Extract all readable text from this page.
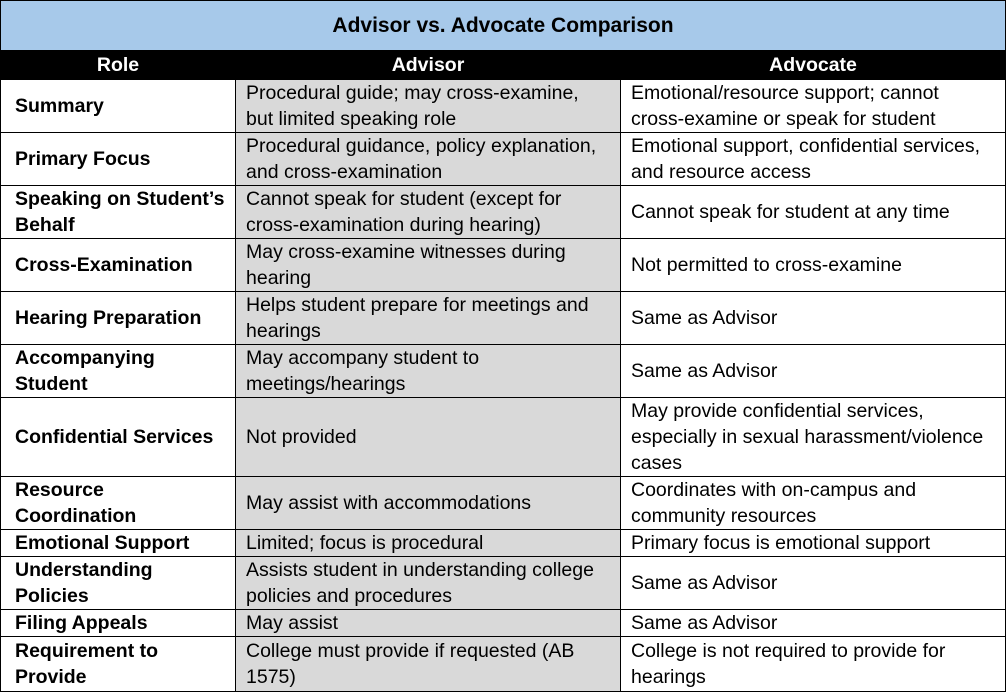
Advisor vs. Advocate Comparison		
Role	Advisor	Advocate
Summary	Procedural guide; may cross-examine, but limited speaking role	Emotional/resource support; cannot cross-examine or speak for student
Primary Focus	Procedural guidance, policy explanation, and cross-examination	Emotional support, confidential services, and resource access
Speaking on Student’s Behalf	Cannot speak for student (except for cross-examination during hearing)	Cannot speak for student at any time
Cross-Examination	May cross-examine witnesses during hearing	Not permitted to cross-examine
Hearing Preparation	Helps student prepare for meetings and hearings	Same as Advisor
Accompanying Student	May accompany student to meetings/hearings	Same as Advisor
Confidential Services	Not provided	May provide confidential services, especially in sexual harassment/violence cases
Resource Coordination	May assist with accommodations	Coordinates with on-campus and community resources
Emotional Support	Limited; focus is procedural	Primary focus is emotional support
Understanding Policies	Assists student in understanding college policies and procedures	Same as Advisor
Filing Appeals	May assist	Same as Advisor
Requirement to Provide	College must provide if requested (AB 1575)	College is not required to provide for hearings
